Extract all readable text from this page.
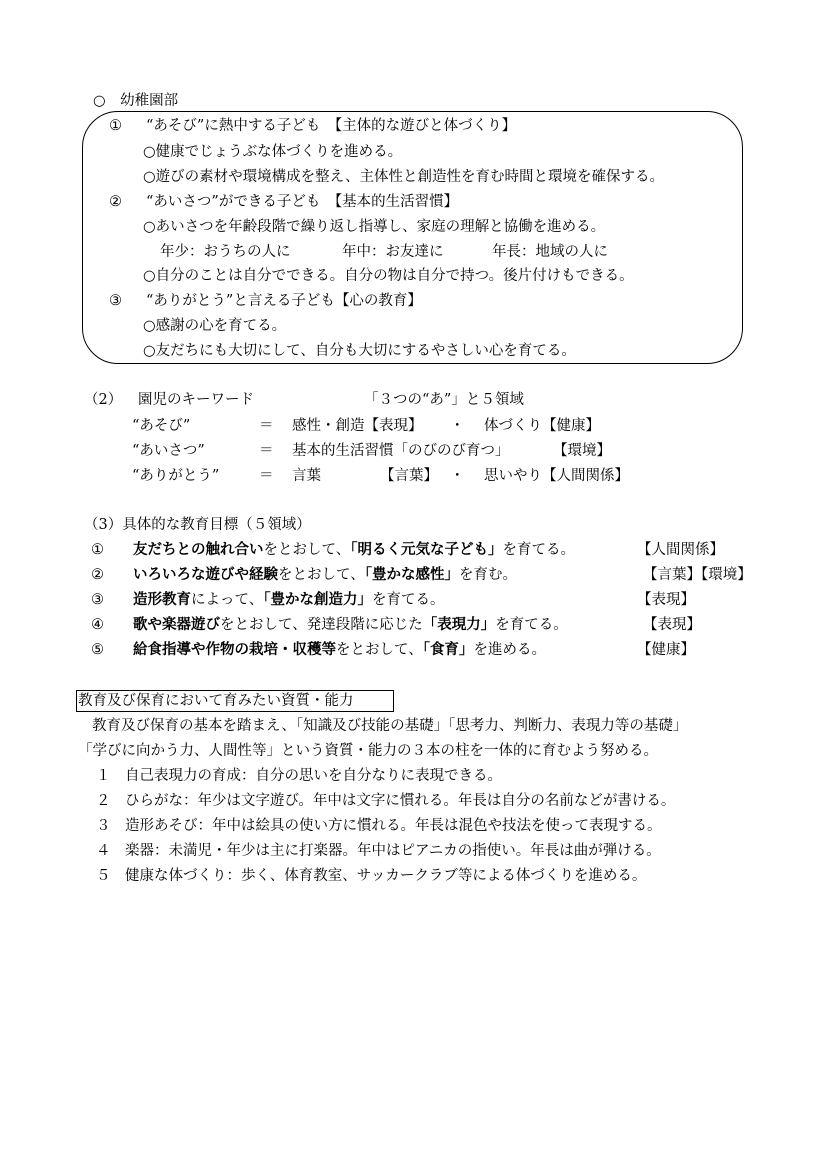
○　幼稚園部
① “あそび”に熱中する子ども　【主体的な遊びと体づくり】
○健康でじょうぶな体づくりを進める。
○遊びの素材や環境構成を整え、主体性と創造性を育む時間と環境を確保する。
② “あいさつ”ができる子ども　【基本的生活習慣】
○あいさつを年齢段階で繰り返し指導し、家庭の理解と協働を進める。
年少：おうちの人に	年中：お友達に	年長：地域の人に
○自分のことは自分でできる。自分の物は自分で持つ。後片付けもできる。
③ “ありがとう”と言える子ども【心の教育】
○感謝の心を育てる。
○友だちにも大切にして、自分も大切にするやさしい心を育てる。
（2） 園児のキーワード	「３つの“あ”」と５領域
“あそび”	＝ 感性・創造【表現】 ・ 体づくり【健康】
“あいさつ”	＝ 基本的生活習慣「のびのび育つ」	【環境】
“ありがとう”	＝ 言葉	【言葉】 ・ 思いやり【人間関係】
（3）具体的な教育目標（５領域）
① 友だちとの触れ合いをとおして、「明るく元気な子ども」を育てる。	【人間関係】
② いろいろな遊びや経験をとおして、「豊かな感性」を育む。	【言葉】【環境】
③ 造形教育によって、「豊かな創造力」を育てる。	【表現】
④ 歌や楽器遊びをとおして、発達段階に応じた「表現力」を育てる。	【表現】
⑤ 給食指導や作物の栽培・収穫等をとおして、「食育」を進める。	【健康】
教育及び保育において育みたい資質・能力
教育及び保育の基本を踏まえ、「知識及び技能の基礎」「思考力、判断力、表現力等の基礎」
「学びに向かう力、人間性等」という資質・能力の３本の柱を一体的に育むよう努める。
１ 自己表現力の育成：自分の思いを自分なりに表現できる。
２ ひらがな：年少は文字遊び。年中は文字に慣れる。年長は自分の名前などが書ける。
３ 造形あそび：年中は絵具の使い方に慣れる。年長は混色や技法を使って表現する。
４ 楽器：未満児・年少は主に打楽器。年中はピアニカの指使い。年長は曲が弾ける。
５ 健康な体づくり：歩く、体育教室、サッカークラブ等による体づくりを進める。
